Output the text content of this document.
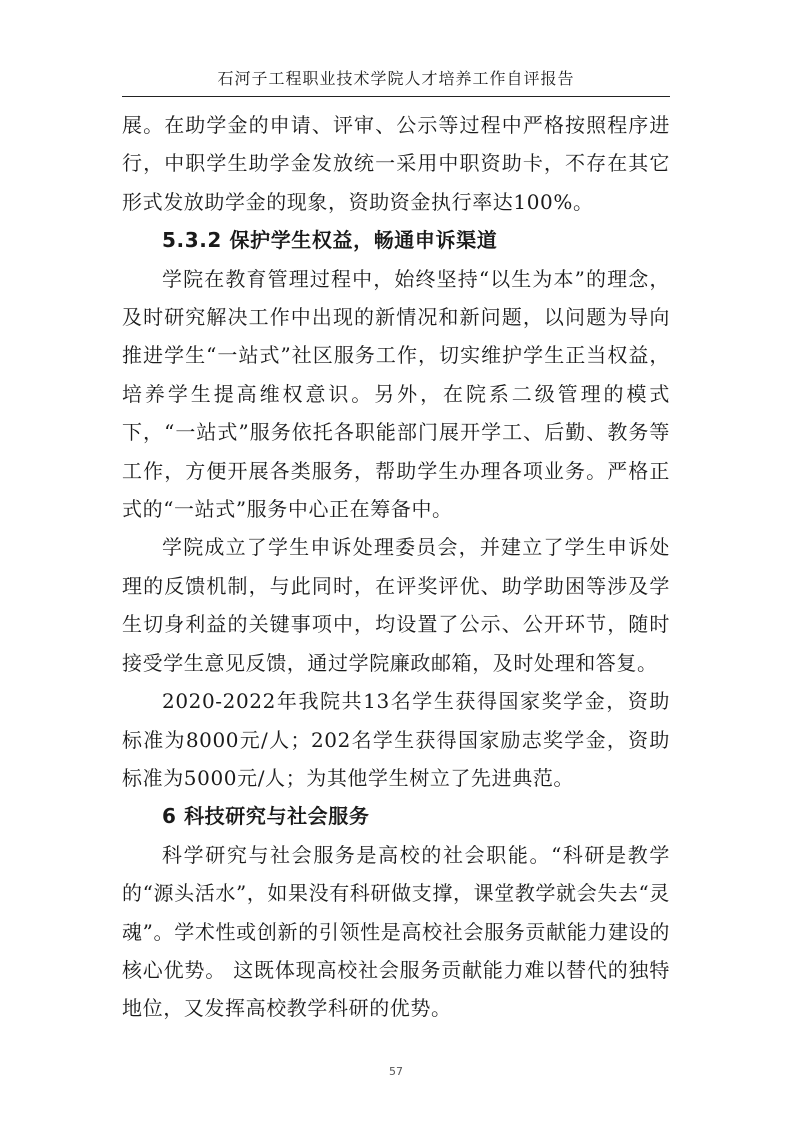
石河子工程职业技术学院人才培养工作自评报告

展。在助学金的申请、评审、公示等过程中严格按照程序进行，中职学生助学金发放统一采用中职资助卡，不存在其它形式发放助学金的现象，资助资金执行率达100%。

5.3.2 保护学生权益，畅通申诉渠道

学院在教育管理过程中，始终坚持“以生为本”的理念，及时研究解决工作中出现的新情况和新问题，以问题为导向推进学生“一站式”社区服务工作，切实维护学生正当权益，培养学生提高维权意识。另外，在院系二级管理的模式下，“一站式”服务依托各职能部门展开学工、后勤、教务等工作，方便开展各类服务，帮助学生办理各项业务。严格正式的“一站式”服务中心正在筹备中。

学院成立了学生申诉处理委员会，并建立了学生申诉处理的反馈机制，与此同时，在评奖评优、助学助困等涉及学生切身利益的关键事项中，均设置了公示、公开环节，随时接受学生意见反馈，通过学院廉政邮箱，及时处理和答复。

2020-2022年我院共13名学生获得国家奖学金，资助标准为8000元/人；202名学生获得国家励志奖学金，资助标准为5000元/人；为其他学生树立了先进典范。

6 科技研究与社会服务

科学研究与社会服务是高校的社会职能。“科研是教学的“源头活水”，如果没有科研做支撑，课堂教学就会失去“灵魂”。学术性或创新的引领性是高校社会服务贡献能力建设的核心优势。 这既体现高校社会服务贡献能力难以替代的独特地位，又发挥高校教学科研的优势。

57
